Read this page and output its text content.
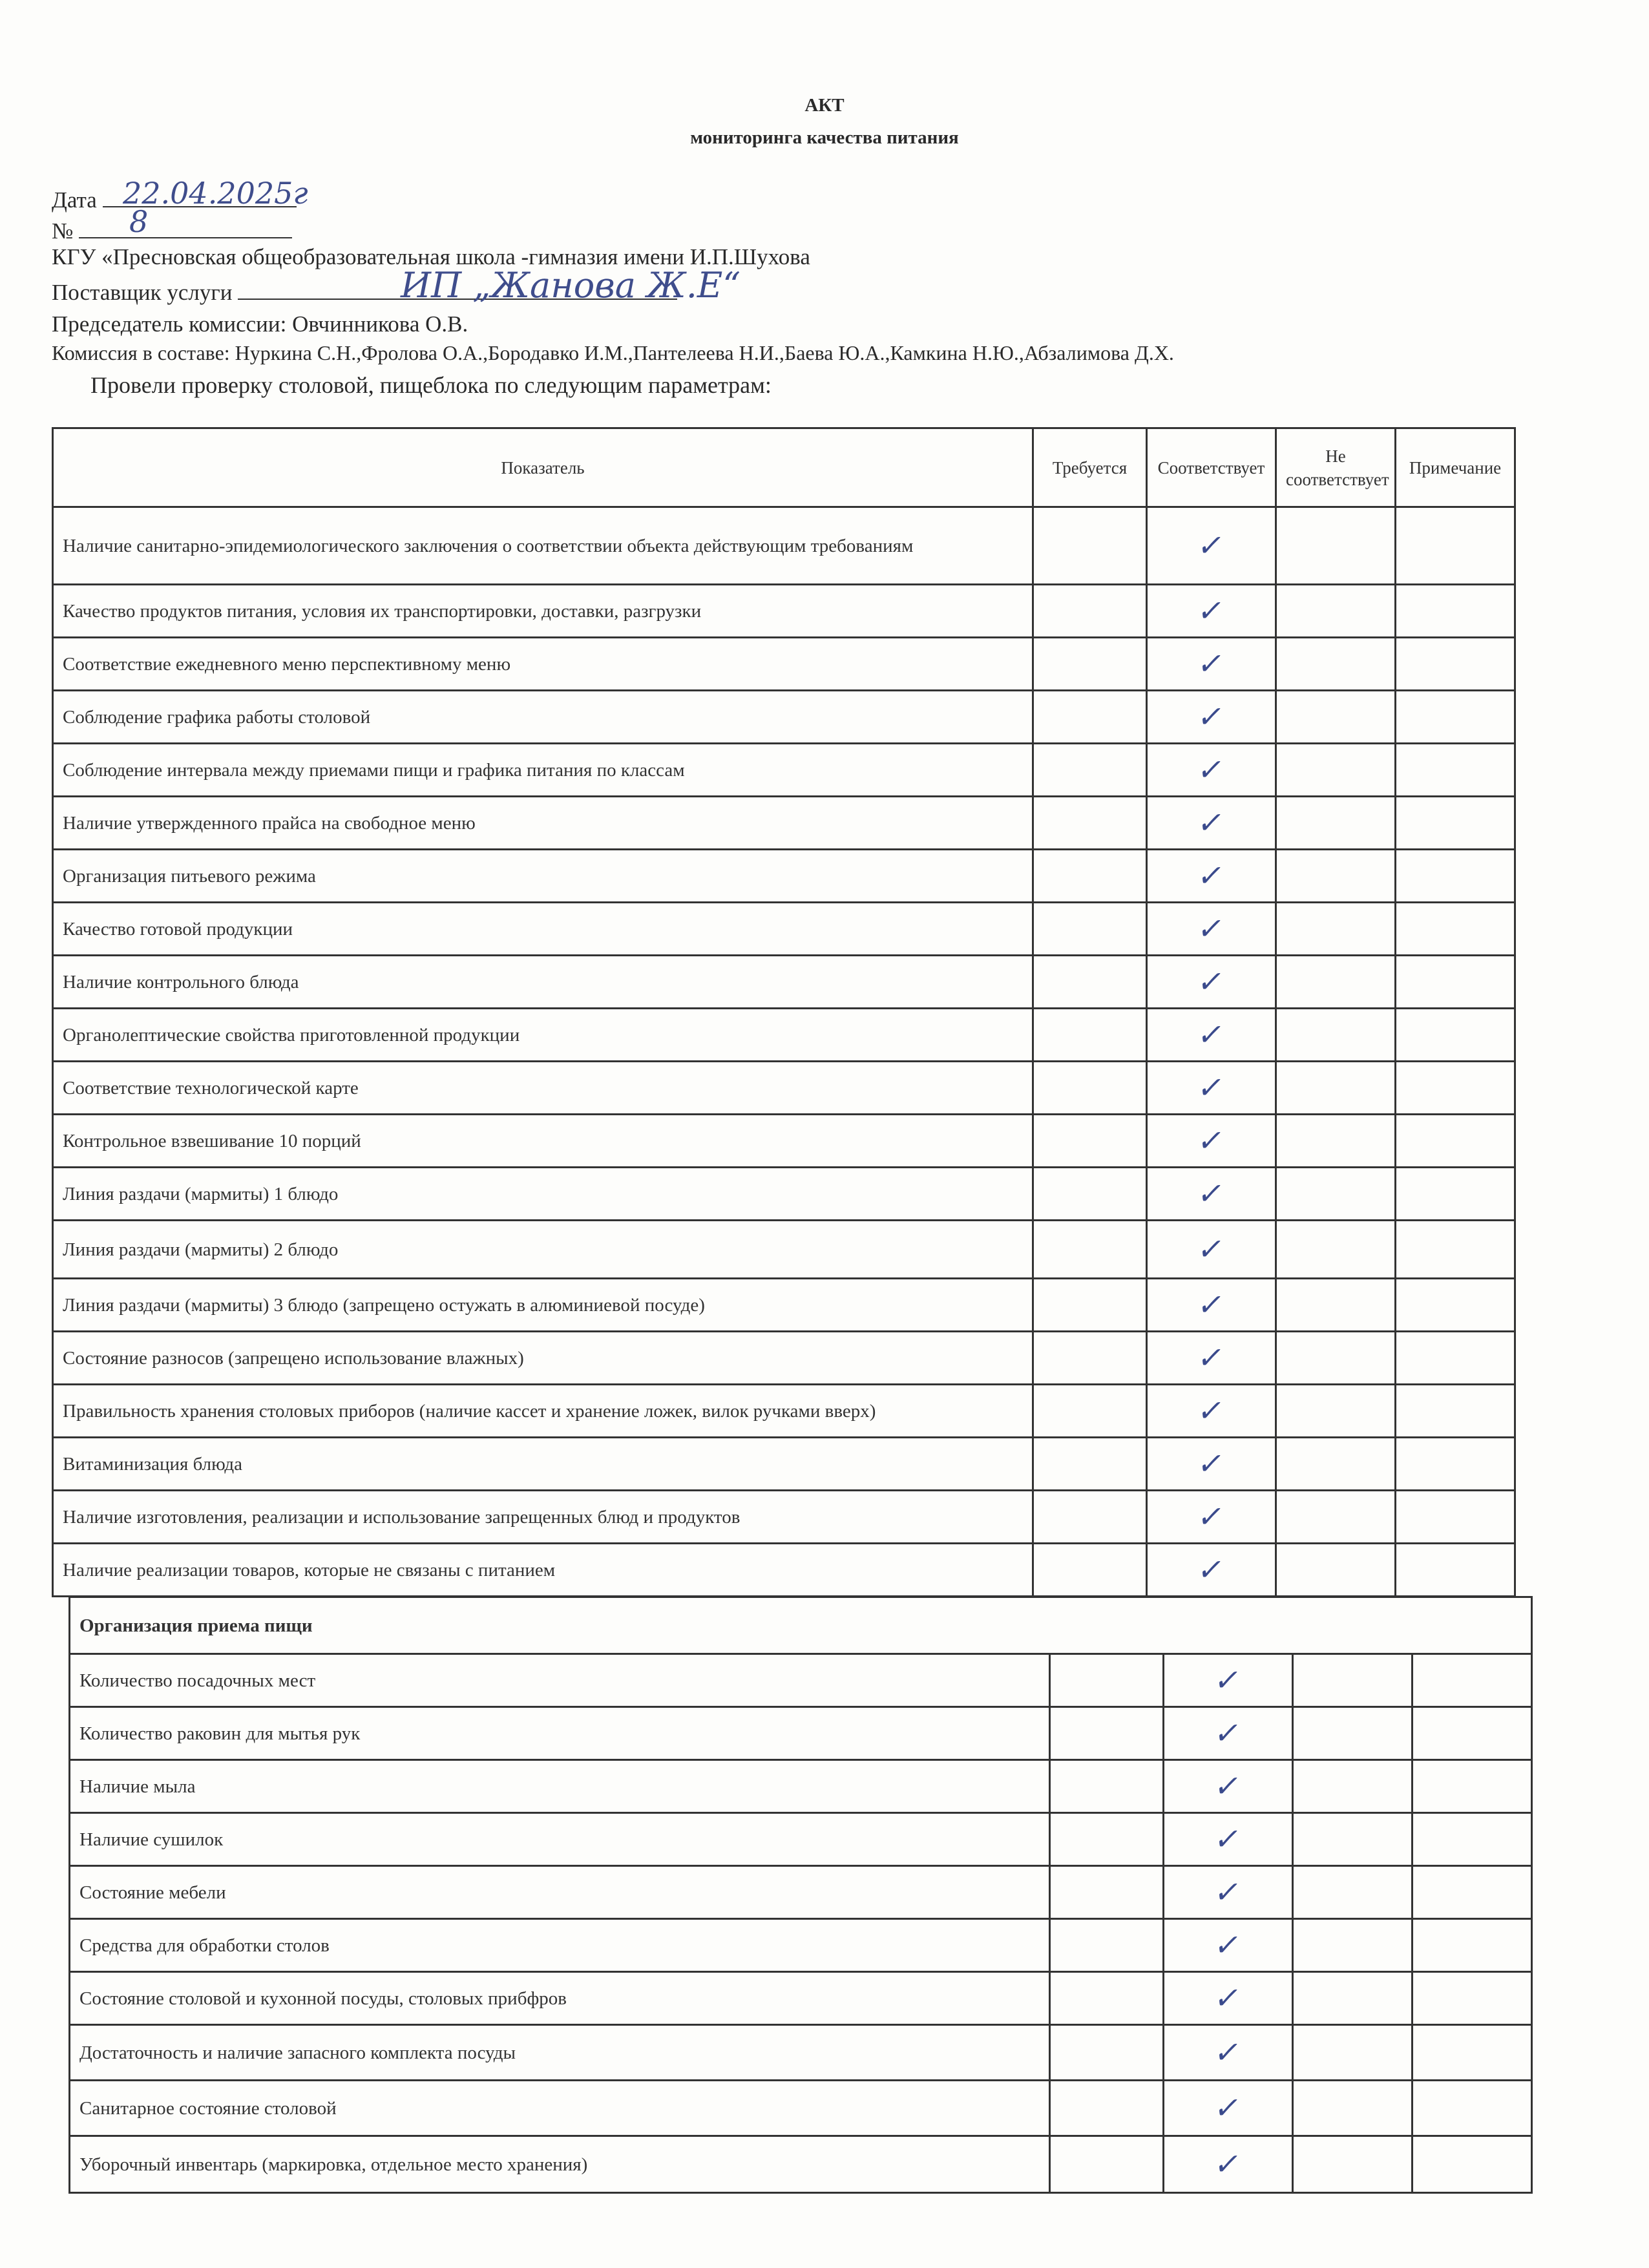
АКТ
мониторинга качества питания
Дата 22.04.2025г
№	8
КГУ «Пресновская общеобразовательная школа -гимназия имени И.П.Шухова
Поставщик услуги	ИП „Жанова Ж.Е“
Председатель комиссии: Овчинникова О.В.
Комиссия в составе: Нуркина С.Н.,Фролова О.А.,Бородавко И.М.,Пантелеева Н.И.,Баева Ю.А.,Камкина Н.Ю.,Абзалимова Д.Х.
Провели проверку столовой, пищеблока по следующим параметрам:
Показатель	Требуется	Соответствует	Не соответствует	Примечание
Наличие санитарно-эпидемиологического заключения о соответствии объекта действующим требованиям		✓		
Качество продуктов питания, условия их транспортировки, доставки, разгрузки		✓		
Соответствие ежедневного меню перспективному меню		✓		
Соблюдение графика работы столовой		✓		
Соблюдение интервала между приемами пищи и графика питания по классам		✓		
Наличие утвержденного прайса на свободное меню		✓		
Организация питьевого режима		✓		
Качество готовой продукции		✓		
Наличие контрольного блюда		✓		
Органолептические свойства приготовленной продукции		✓		
Соответствие технологической карте		✓		
Контрольное взвешивание 10 порций		✓		
Линия раздачи (мармиты) 1 блюдо		✓		
Линия раздачи (мармиты) 2 блюдо		✓		
Линия раздачи (мармиты) 3 блюдо (запрещено остужать в алюминиевой посуде)		✓		
Состояние разносов (запрещено использование влажных)		✓		
Правильность хранения столовых приборов (наличие кассет и хранение ложек, вилок ручками вверх)		✓		
Витаминизация блюда		✓		
Наличие изготовления, реализации и использование запрещенных блюд и продуктов		✓		
Наличие реализации товаров, которые не связаны с питанием		✓		
Организация приема пищи				
Количество посадочных мест		✓		
Количество раковин для мытья рук		✓		
Наличие мыла		✓		
Наличие сушилок		✓		
Состояние мебели		✓		
Средства для обработки столов		✓		
Состояние столовой и кухонной посуды, столовых прибфров		✓		
Достаточность и наличие запасного комплекта посуды		✓		
Санитарное состояние столовой		✓		
Уборочный инвентарь (маркировка, отдельное место хранения)		✓		
